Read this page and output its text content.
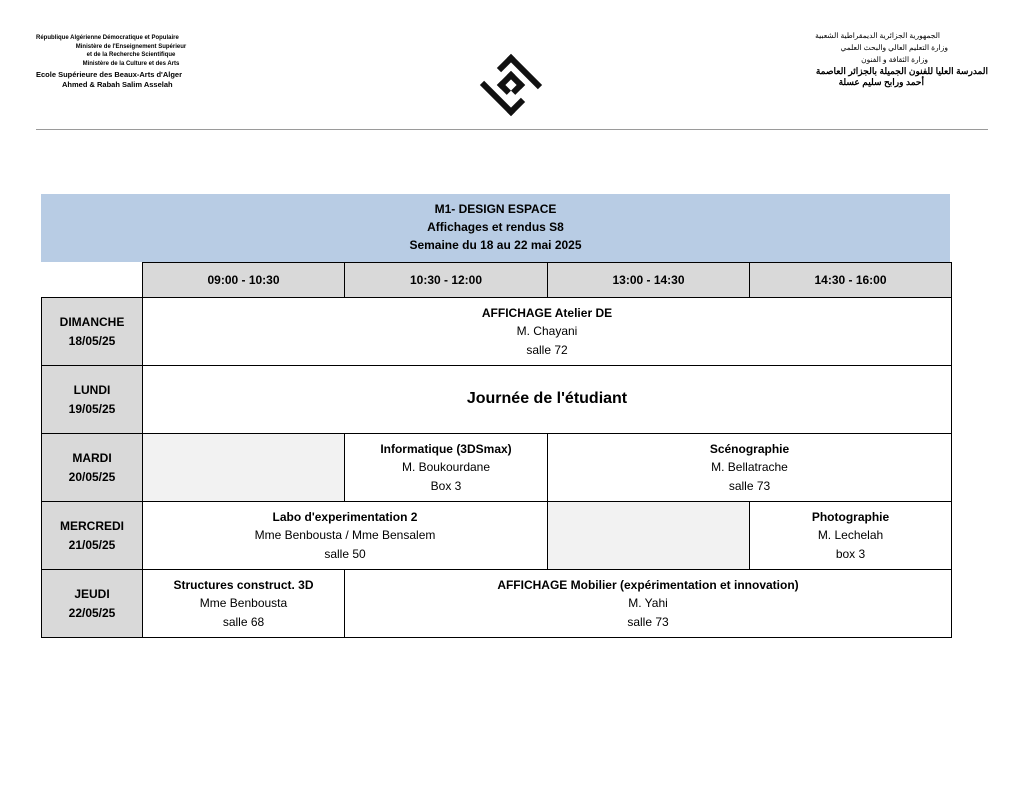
République Algérienne Démocratique et Populaire
Ministère de l'Enseignement Supérieur
et de la Recherche Scientifique
Ministère de la Culture et des Arts
Ecole Supérieure des Beaux-Arts d'Alger
Ahmed & Rabah Salim Asselah
الجمهورية الجزائرية الديمقراطية الشعبية
وزارة التعليم العالي والبحث العلمي
وزارة الثقافة و الفنون
المدرسة العليا للفنون الجميلة بالجزائر العاصمة
أحمد ورابح سليم عسلة
M1- DESIGN ESPACE
Affichages et rendus S8
Semaine du 18 au 22 mai 2025
	09:00 - 10:30	10:30 - 12:00	13:00 - 14:30	14:30 - 16:00

DIMANCHE
18/05/25	AFFICHAGE Atelier DE
M. Chayani
salle 72			

LUNDI
19/05/25	Journée de l'étudiant			

MARDI
20/05/25		Informatique (3DSmax)
M. Boukourdane
Box 3	Scénographie
M. Bellatrache
salle 73	

MERCREDI
21/05/25	Labo d'experimentation 2
Mme Benbousta / Mme Bensalem
salle 50			Photographie
M. Lechelah
box 3

JEUDI
22/05/25	Structures construct. 3D
Mme Benbousta
salle 68	AFFICHAGE Mobilier (expérimentation et innovation)
M. Yahi
salle 73		
